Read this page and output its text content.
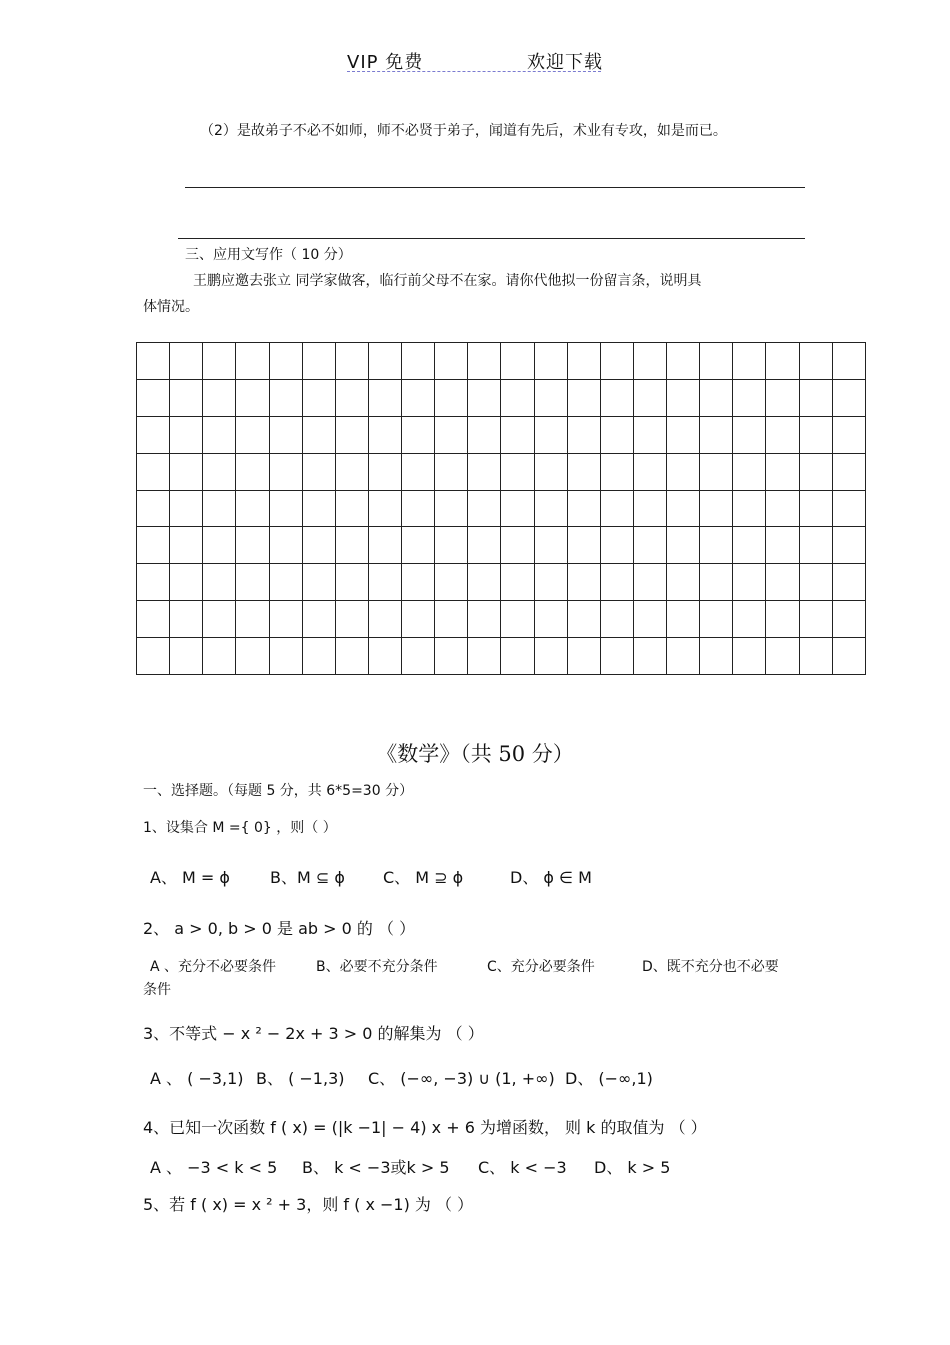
VIP 免费	欢迎下载
（2）是故弟子不必不如师，师不必贤于弟子，闻道有先后，术业有专攻，如是而已。
三、应用文写作（ 10 分）
王鹏应邀去张立 同学家做客，临行前父母不在家。请你代他拟一份留言条，说明具
体情况。

《数学》（共 50 分）
一、选择题。（每题 5 分，共 6*5=30 分）
1、设集合 M ={ 0} ，则（ ）
A、 M = ϕ	B、M ⊆ ϕ C、 M ⊇ ϕ	D、 ϕ ∈ M
2、 a > 0, b > 0 是 ab > 0 的 （ ）
A 、充分不必要条件	B、必要不充分条件	C、充分必要条件	D、既不充分也不必要
条件
3、不等式 − x ² − 2x + 3 > 0 的解集为 （ ）
A 、 ( −3,1) B、 ( −1,3) C、 (−∞, −3) ∪ (1, +∞) D、 (−∞,1)
4、已知一次函数 f ( x) = (|k −1| − 4) x + 6 为增函数， 则 k 的取值为 （ ）
A 、 −3 < k < 5 B、 k < −3或k > 5 C、 k < −3 D、 k > 5
5、若 f ( x) = x ² + 3，则 f ( x −1) 为 （ ）
